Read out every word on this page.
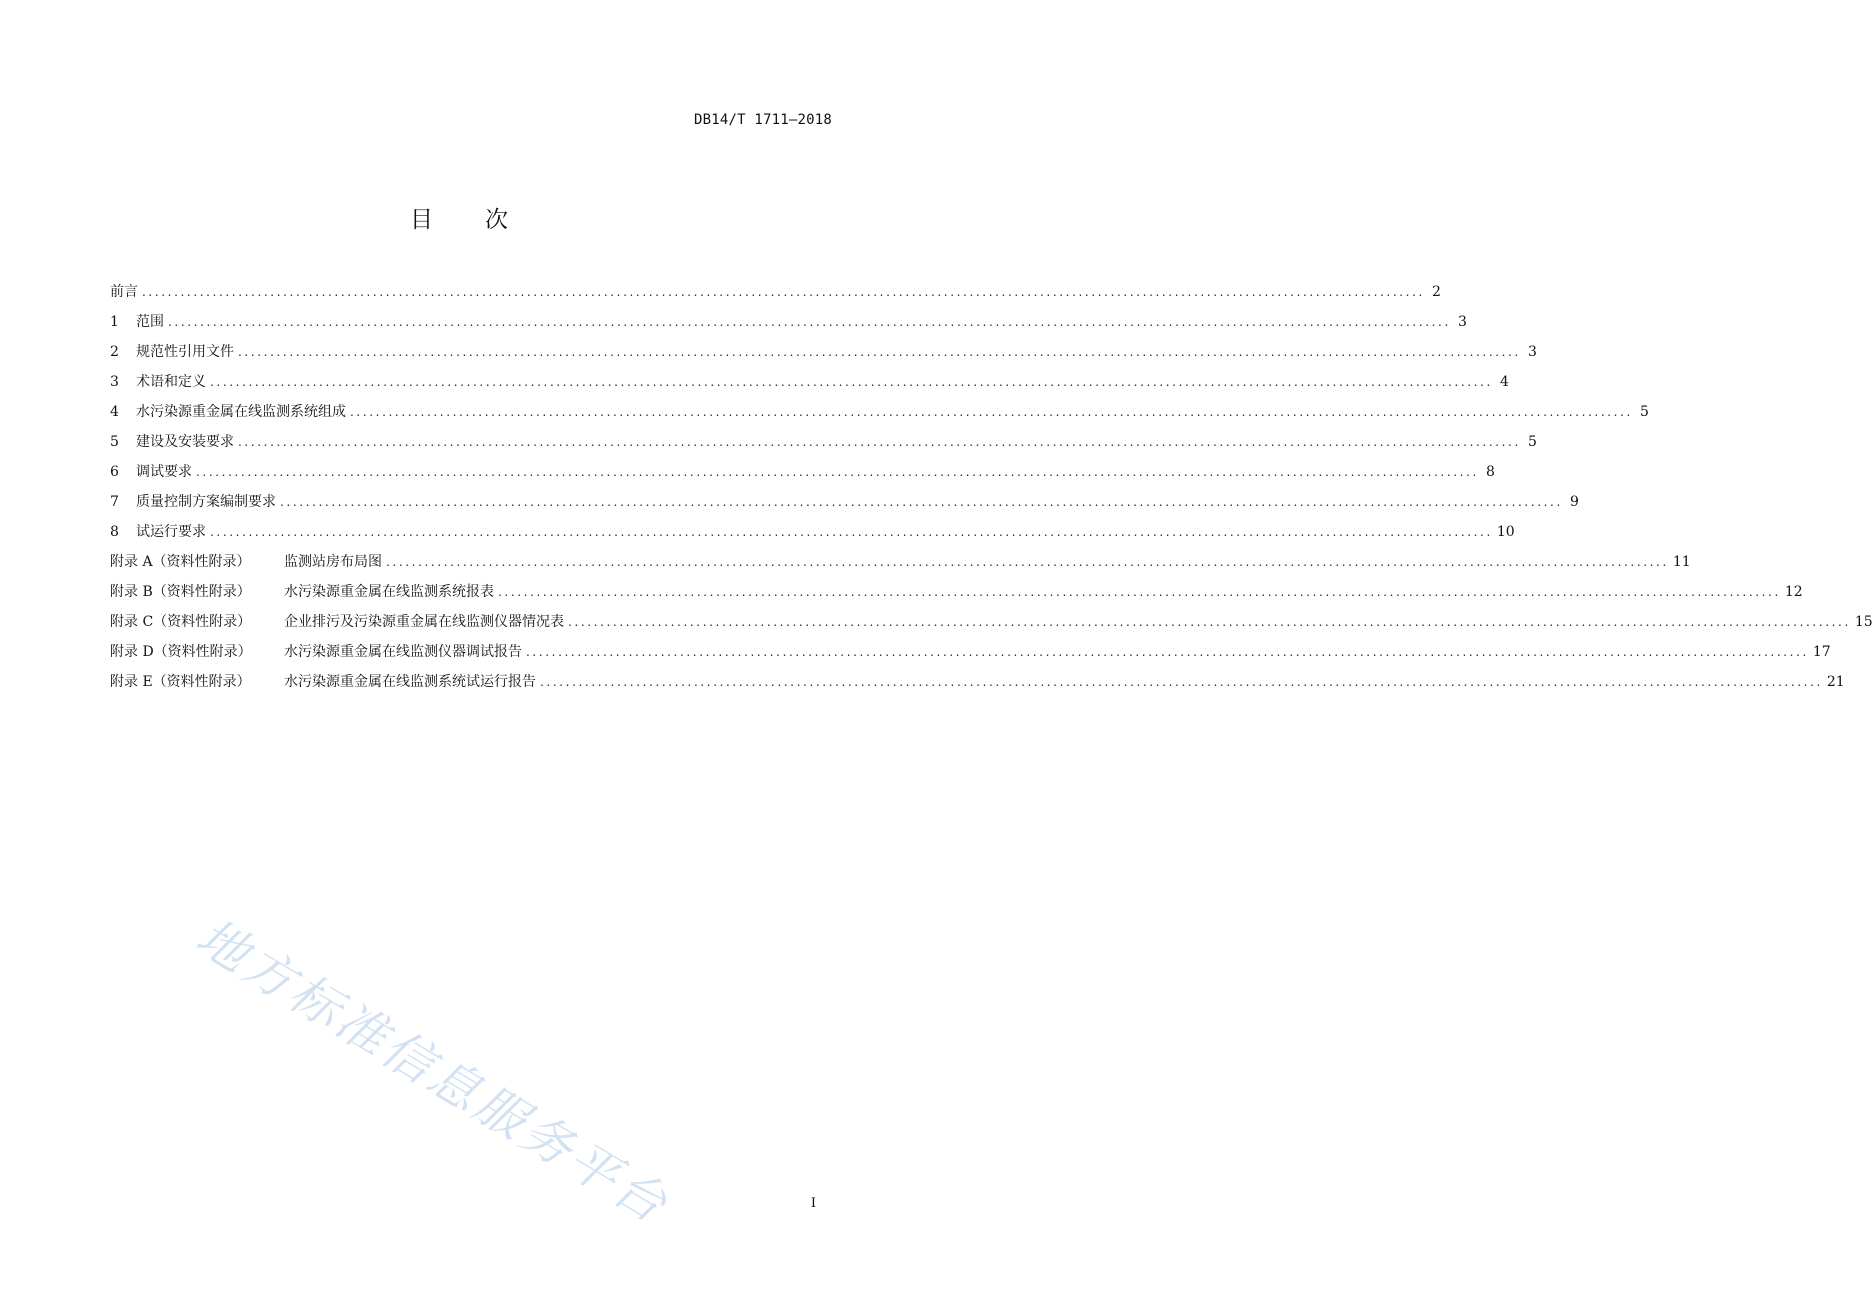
DB14/T 1711—2018
目　　次
前言 ........................................................................................................................................................................................................ 2
1	范围 ........................................................................................................................................................................................................ 3
2	规范性引用文件 ........................................................................................................................................................................................................ 3
3	术语和定义 ........................................................................................................................................................................................................ 4
4	水污染源重金属在线监测系统组成 ........................................................................................................................................................................................................ 5
5	建设及安装要求 ........................................................................................................................................................................................................ 5
6	调试要求 ........................................................................................................................................................................................................ 8
7	质量控制方案编制要求 ........................................................................................................................................................................................................ 9
8	试运行要求 ........................................................................................................................................................................................................ 10
附录 A（资料性附录）	监测站房布局图 ........................................................................................................................................................................................................ 11
附录 B（资料性附录）	水污染源重金属在线监测系统报表 ........................................................................................................................................................................................................ 12
附录 C（资料性附录）	企业排污及污染源重金属在线监测仪器情况表 ........................................................................................................................................................................................................ 15
附录 D（资料性附录）	水污染源重金属在线监测仪器调试报告 ........................................................................................................................................................................................................ 17
附录 E（资料性附录）	水污染源重金属在线监测系统试运行报告 ........................................................................................................................................................................................................ 21
地方标准信息服务平台	I
